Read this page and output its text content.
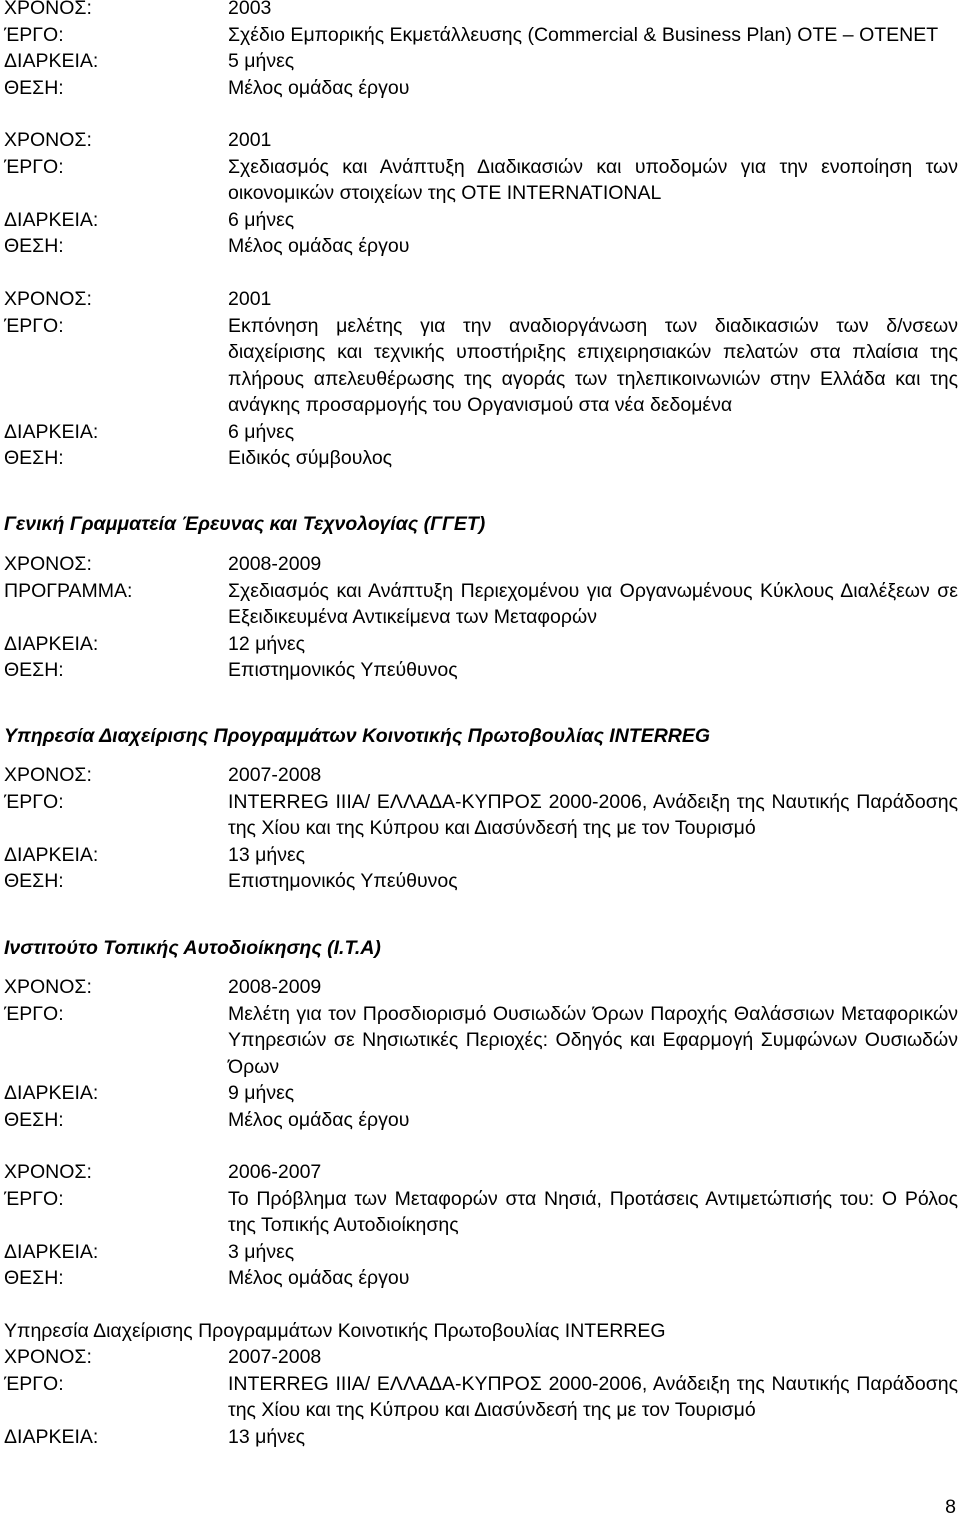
ΧΡΟΝΟΣ:	2003
ΈΡΓΟ:	Σχέδιο Εμπορικής Εκμετάλλευσης (Commercial & Business Plan) ΟΤΕ – OTENET
ΔΙΑΡΚΕΙΑ:	5 μήνες
ΘΕΣΗ:	Μέλος ομάδας έργου
ΧΡΟΝΟΣ:	2001
ΈΡΓΟ:	Σχεδιασμός και Ανάπτυξη Διαδικασιών και υποδομών για την ενοποίηση των οικονομικών στοιχείων της ΟΤΕ INTERNATIONAL
ΔΙΑΡΚΕΙΑ:	6 μήνες
ΘΕΣΗ:	Μέλος ομάδας έργου
ΧΡΟΝΟΣ:	2001
ΈΡΓΟ:	Εκπόνηση μελέτης για την αναδιοργάνωση των διαδικασιών των δ/νσεων διαχείρισης και τεχνικής υποστήριξης επιχειρησιακών πελατών στα πλαίσια της πλήρους απελευθέρωσης της αγοράς των τηλεπικοινωνιών στην Ελλάδα και της ανάγκης προσαρμογής του Οργανισμού στα νέα δεδομένα
ΔΙΑΡΚΕΙΑ:	6 μήνες
ΘΕΣΗ:	Ειδικός σύμβουλος
Γενική Γραμματεία Έρευνας και Τεχνολογίας (ΓΓΕΤ)
ΧΡΟΝΟΣ:	2008-2009
ΠΡΟΓΡΑΜΜΑ:	Σχεδιασμός και Ανάπτυξη Περιεχομένου για Οργανωμένους Κύκλους Διαλέξεων σε Εξειδικευμένα Αντικείμενα των Μεταφορών
ΔΙΑΡΚΕΙΑ:	12 μήνες
ΘΕΣΗ:	Επιστημονικός Υπεύθυνος
Υπηρεσία Διαχείρισης Προγραμμάτων Κοινοτικής Πρωτοβουλίας INTERREG
ΧΡΟΝΟΣ:	2007-2008
ΈΡΓΟ:	INTERREG IIIA/ ΕΛΛΑΔΑ-ΚΥΠΡΟΣ 2000-2006, Ανάδειξη της Ναυτικής Παράδοσης της Χίου και της Κύπρου και Διασύνδεσή της με τον Τουρισμό
ΔΙΑΡΚΕΙΑ:	13 μήνες
ΘΕΣΗ:	Επιστημονικός Υπεύθυνος
Ινστιτούτο Τοπικής Αυτοδιοίκησης (Ι.Τ.Α)
ΧΡΟΝΟΣ:	2008-2009
ΈΡΓΟ:	Μελέτη για τον Προσδιορισμό Ουσιωδών Όρων Παροχής Θαλάσσιων Μεταφορικών Υπηρεσιών σε Νησιωτικές Περιοχές: Οδηγός και Εφαρμογή Συμφώνων Ουσιωδών Όρων
ΔΙΑΡΚΕΙΑ:	9 μήνες
ΘΕΣΗ:	Μέλος ομάδας έργου
ΧΡΟΝΟΣ:	2006-2007
ΈΡΓΟ:	Το Πρόβλημα των Μεταφορών στα Νησιά, Προτάσεις Αντιμετώπισής του: Ο Ρόλος της Τοπικής Αυτοδιοίκησης
ΔΙΑΡΚΕΙΑ:	3 μήνες
ΘΕΣΗ:	Μέλος ομάδας έργου
Υπηρεσία Διαχείρισης Προγραμμάτων Κοινοτικής Πρωτοβουλίας INTERREG
ΧΡΟΝΟΣ:	2007-2008
ΈΡΓΟ:	INTERREG IIIA/ ΕΛΛΑΔΑ-ΚΥΠΡΟΣ 2000-2006, Ανάδειξη της Ναυτικής Παράδοσης της Χίου και της Κύπρου και Διασύνδεσή της με τον Τουρισμό
ΔΙΑΡΚΕΙΑ:	13 μήνες
8
